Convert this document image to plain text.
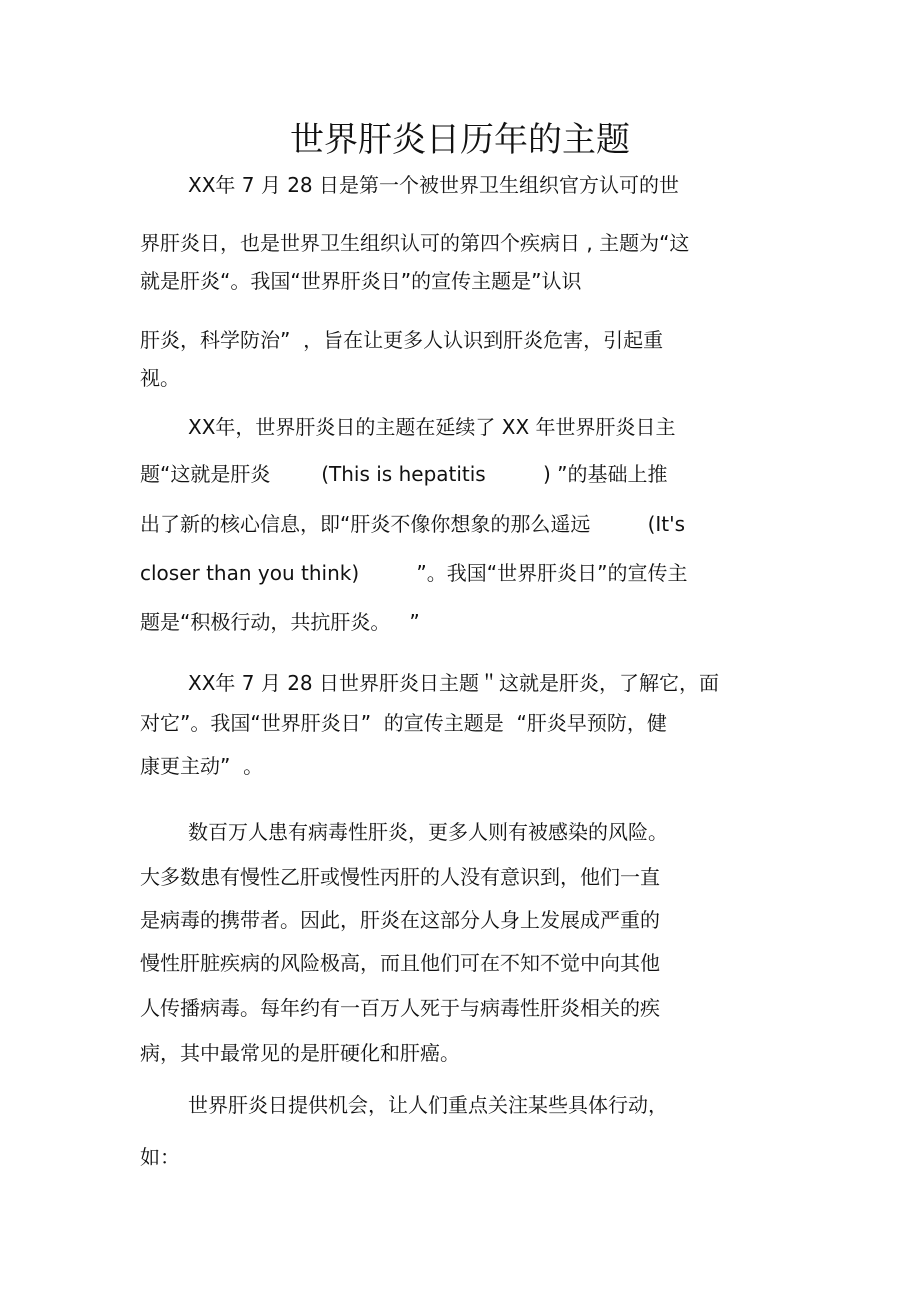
世界肝炎日历年的主题
XX年 7 月 28 日是第一个被世界卫生组织官方认可的世
界肝炎日，也是世界卫生组织认可的第四个疾病日 , 主题为“这
就是肝炎“。我国“世界肝炎日”的宣传主题是”认识
肝炎，科学防治”  ，旨在让更多人认识到肝炎危害，引起重
视。
XX年，世界肝炎日的主题在延续了 XX 年世界肝炎日主
题“这就是肝炎        (This is hepatitis         ) ”的基础上推
出了新的核心信息，即“肝炎不像你想象的那么遥远         (It's
closer than you think)         ”。我国“世界肝炎日”的宣传主
题是“积极行动，共抗肝炎。   ”
XX年 7 月 28 日世界肝炎日主题＂这就是肝炎，了解它，面
对它”。我国“世界肝炎日”  的宣传主题是  “肝炎早预防，健
康更主动”  。
数百万人患有病毒性肝炎，更多人则有被感染的风险。
大多数患有慢性乙肝或慢性丙肝的人没有意识到，他们一直
是病毒的携带者。因此，肝炎在这部分人身上发展成严重的
慢性肝脏疾病的风险极高，而且他们可在不知不觉中向其他
人传播病毒。每年约有一百万人死于与病毒性肝炎相关的疾
病，其中最常见的是肝硬化和肝癌。
世界肝炎日提供机会，让人们重点关注某些具体行动，
如：
